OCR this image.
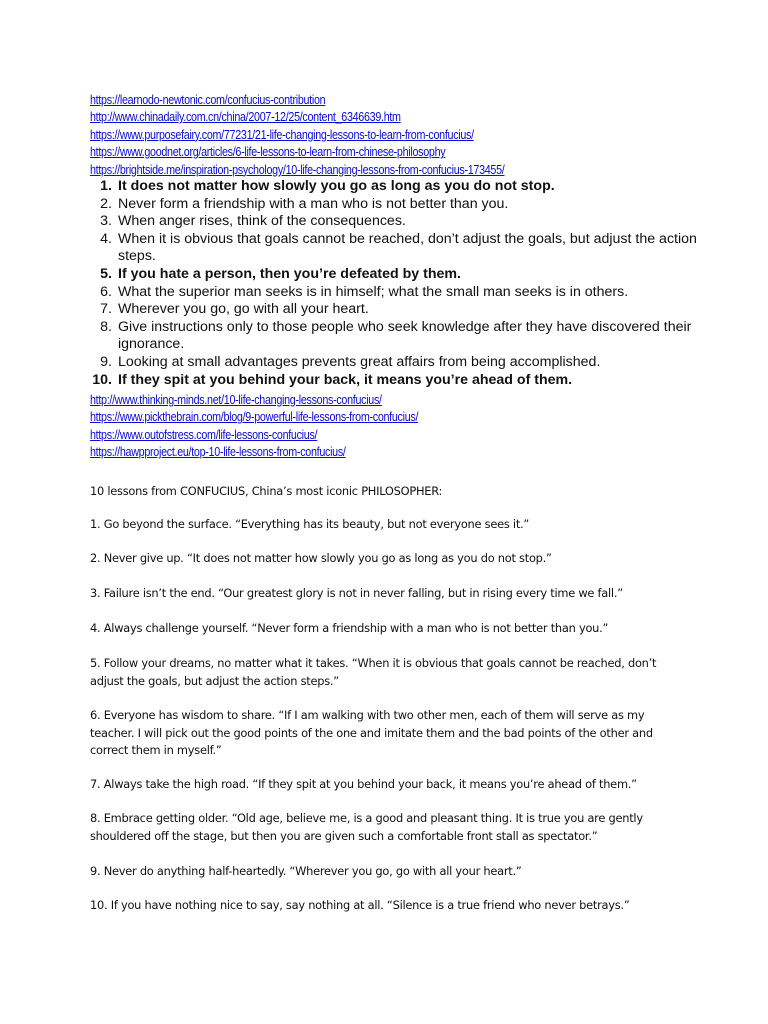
https://learnodo-newtonic.com/confucius-contribution
http://www.chinadaily.com.cn/china/2007-12/25/content_6346639.htm
https://www.purposefairy.com/77231/21-life-changing-lessons-to-learn-from-confucius/
https://www.goodnet.org/articles/6-life-lessons-to-learn-from-chinese-philosophy
https://brightside.me/inspiration-psychology/10-life-changing-lessons-from-confucius-173455/
1. It does not matter how slowly you go as long as you do not stop.
2. Never form a friendship with a man who is not better than you.
3. When anger rises, think of the consequences.
4. When it is obvious that goals cannot be reached, don’t adjust the goals, but adjust the action steps.
5. If you hate a person, then you’re defeated by them.
6. What the superior man seeks is in himself; what the small man seeks is in others.
7. Wherever you go, go with all your heart.
8. Give instructions only to those people who seek knowledge after they have discovered their ignorance.
9. Looking at small advantages prevents great affairs from being accomplished.
10. If they spit at you behind your back, it means you’re ahead of them.
http://www.thinking-minds.net/10-life-changing-lessons-confucius/
https://www.pickthebrain.com/blog/9-powerful-life-lessons-from-confucius/
https://www.outofstress.com/life-lessons-confucius/
https://hawpproject.eu/top-10-life-lessons-from-confucius/

10 lessons from CONFUCIUS, China’s most iconic PHILOSOPHER:

1. Go beyond the surface. “Everything has its beauty, but not everyone sees it.”

2. Never give up. “It does not matter how slowly you go as long as you do not stop.”

3. Failure isn’t the end. “Our greatest glory is not in never falling, but in rising every time we fall.”

4. Always challenge yourself. “Never form a friendship with a man who is not better than you.”

5. Follow your dreams, no matter what it takes. “When it is obvious that goals cannot be reached, don’t adjust the goals, but adjust the action steps.”

6. Everyone has wisdom to share. “If I am walking with two other men, each of them will serve as my teacher. I will pick out the good points of the one and imitate them and the bad points of the other and correct them in myself.”

7. Always take the high road. “If they spit at you behind your back, it means you’re ahead of them.”

8. Embrace getting older. “Old age, believe me, is a good and pleasant thing. It is true you are gently shouldered off the stage, but then you are given such a comfortable front stall as spectator.”

9. Never do anything half-heartedly. “Wherever you go, go with all your heart.”

10. If you have nothing nice to say, say nothing at all. “Silence is a true friend who never betrays.”
